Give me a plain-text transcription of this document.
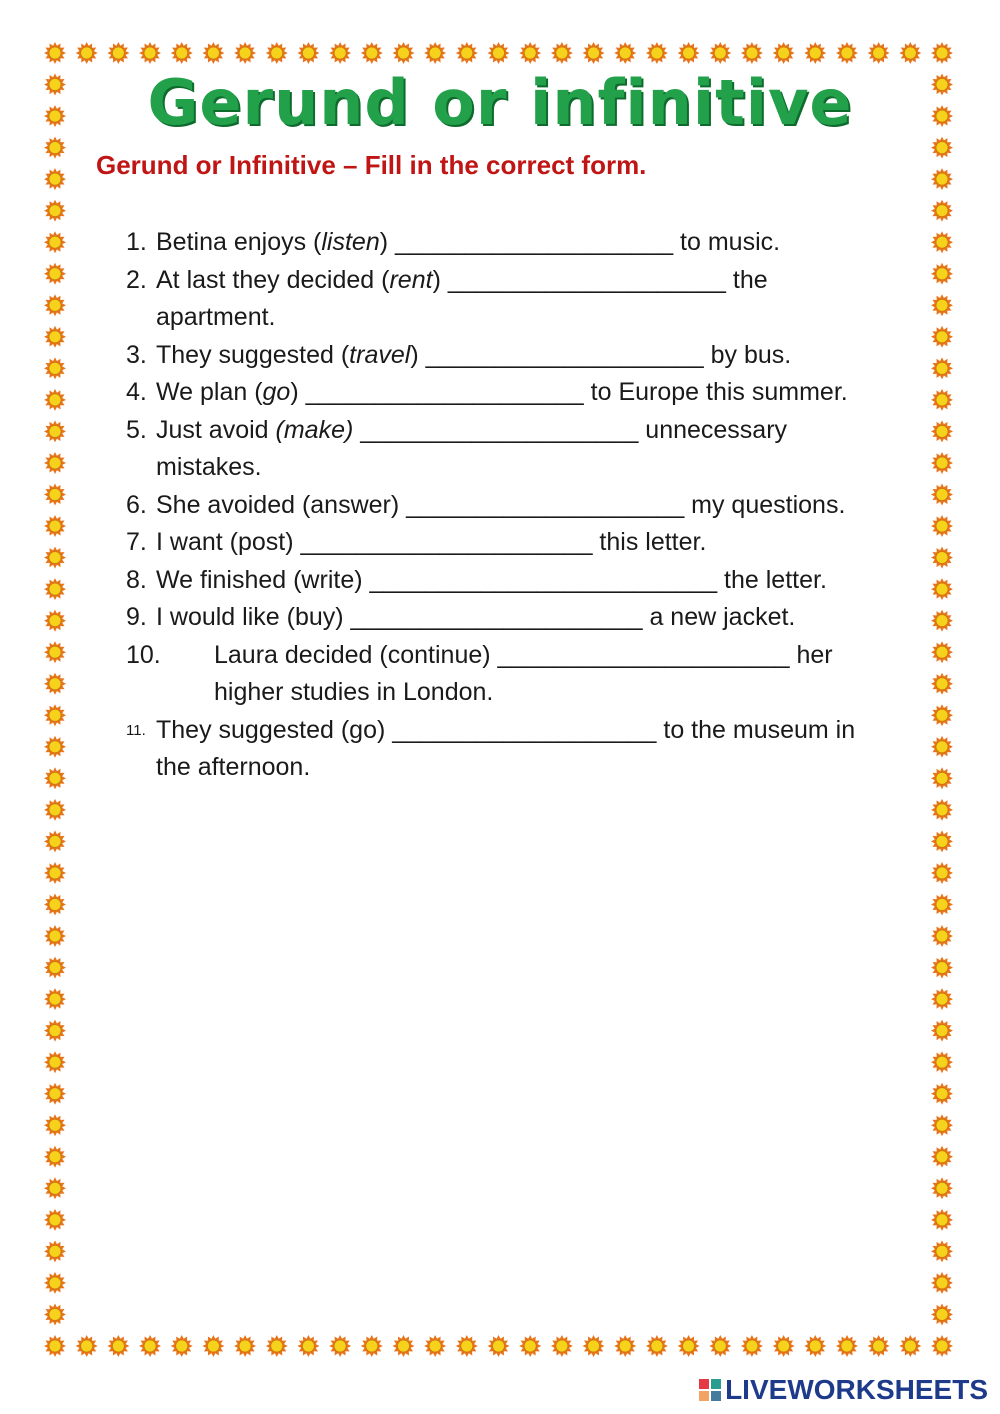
Gerund or infinitive

Gerund or Infinitive – Fill in the correct form.

1. Betina enjoys (listen) ____________________ to music.
2. At last they decided (rent) ____________________ the apartment.
3. They suggested (travel) ____________________ by bus.
4. We plan (go) ____________________ to Europe this summer.
5. Just avoid (make) ____________________ unnecessary mistakes.
6. She avoided (answer) ____________________ my questions.
7. I want (post) _____________________ this letter.
8. We finished (write) _________________________ the letter.
9. I would like (buy) _____________________ a new jacket.
10.	Laura decided (continue) _____________________ her higher studies in London.
11. They suggested (go) ___________________ to the museum in the afternoon.
LIVEWORKSHEETS
